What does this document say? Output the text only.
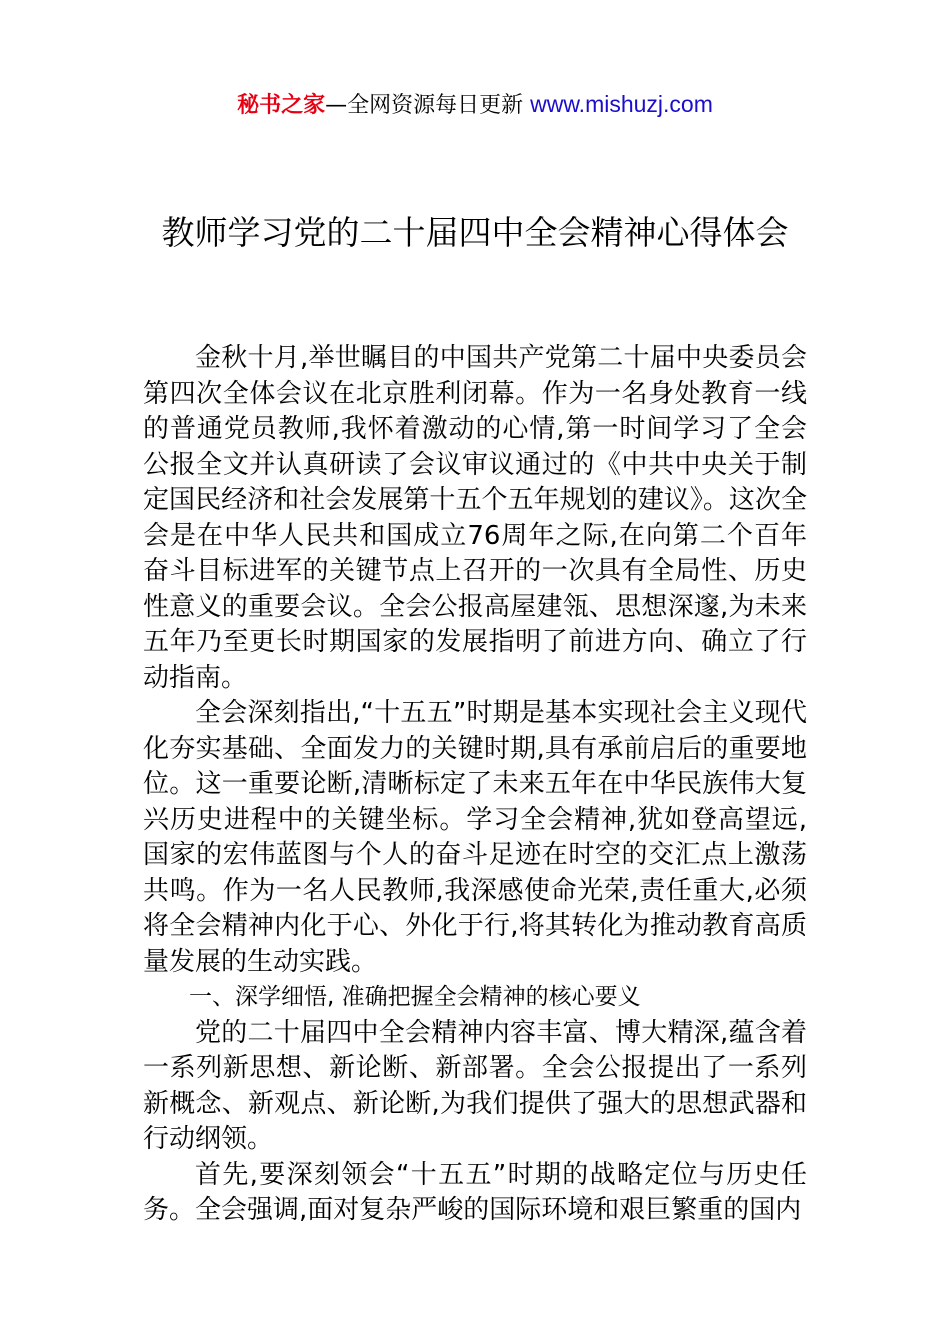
秘书之家—全网资源每日更新 www.mishuzj.com
教师学习党的二十届四中全会精神心得体会

金秋十月,举世瞩目的中国共产党第二十届中央委员会第四次全体会议在北京胜利闭幕。作为一名身处教育一线的普通党员教师,我怀着激动的心情,第一时间学习了全会公报全文并认真研读了会议审议通过的《中共中央关于制定国民经济和社会发展第十五个五年规划的建议》。这次全会是在中华人民共和国成立76周年之际,在向第二个百年奋斗目标进军的关键节点上召开的一次具有全局性、历史性意义的重要会议。全会公报高屋建瓴、思想深邃,为未来五年乃至更长时期国家的发展指明了前进方向、确立了行动指南。

全会深刻指出,“十五五”时期是基本实现社会主义现代化夯实基础、全面发力的关键时期,具有承前启后的重要地位。这一重要论断,清晰标定了未来五年在中华民族伟大复兴历史进程中的关键坐标。学习全会精神,犹如登高望远,国家的宏伟蓝图与个人的奋斗足迹在时空的交汇点上激荡共鸣。作为一名人民教师,我深感使命光荣,责任重大,必须将全会精神内化于心、外化于行,将其转化为推动教育高质量发展的生动实践。

一、深学细悟, 准确把握全会精神的核心要义

党的二十届四中全会精神内容丰富、博大精深,蕴含着一系列新思想、新论断、新部署。全会公报提出了一系列新概念、新观点、新论断,为我们提供了强大的思想武器和行动纲领。

首先,要深刻领会“十五五”时期的战略定位与历史任务。全会强调,面对复杂严峻的国际环境和艰巨繁重的国内
